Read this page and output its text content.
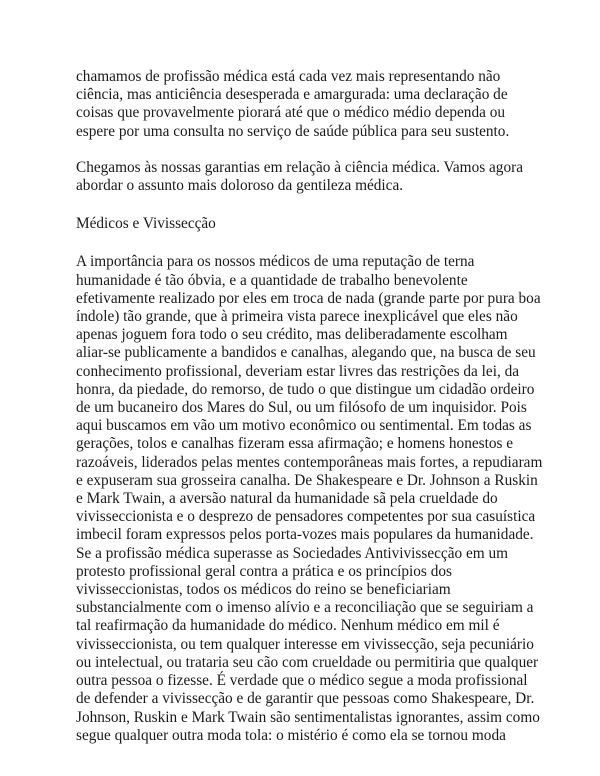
chamamos de profissão médica está cada vez mais representando não
ciência, mas anticiência desesperada e amargurada: uma declaração de
coisas que provavelmente piorará até que o médico médio dependa ou
espere por uma consulta no serviço de saúde pública para seu sustento.

Chegamos às nossas garantias em relação à ciência médica. Vamos agora
abordar o assunto mais doloroso da gentileza médica.

Médicos e Vivissecção

A importância para os nossos médicos de uma reputação de terna
humanidade é tão óbvia, e a quantidade de trabalho benevolente
efetivamente realizado por eles em troca de nada (grande parte por pura boa
índole) tão grande, que à primeira vista parece inexplicável que eles não
apenas joguem fora todo o seu crédito, mas deliberadamente escolham
aliar-se publicamente a bandidos e canalhas, alegando que, na busca de seu
conhecimento profissional, deveriam estar livres das restrições da lei, da
honra, da piedade, do remorso, de tudo o que distingue um cidadão ordeiro
de um bucaneiro dos Mares do Sul, ou um filósofo de um inquisidor. Pois
aqui buscamos em vão um motivo econômico ou sentimental. Em todas as
gerações, tolos e canalhas fizeram essa afirmação; e homens honestos e
razoáveis, liderados pelas mentes contemporâneas mais fortes, a repudiaram
e expuseram sua grosseira canalha. De Shakespeare e Dr. Johnson a Ruskin
e Mark Twain, a aversão natural da humanidade sã pela crueldade do
vivisseccionista e o desprezo de pensadores competentes por sua casuística
imbecil foram expressos pelos porta-vozes mais populares da humanidade.
Se a profissão médica superasse as Sociedades Antivivissecção em um
protesto profissional geral contra a prática e os princípios dos
vivisseccionistas, todos os médicos do reino se beneficiariam
substancialmente com o imenso alívio e a reconciliação que se seguiriam a
tal reafirmação da humanidade do médico. Nenhum médico em mil é
vivisseccionista, ou tem qualquer interesse em vivissecção, seja pecuniário
ou intelectual, ou trataria seu cão com crueldade ou permitiria que qualquer
outra pessoa o fizesse. É verdade que o médico segue a moda profissional
de defender a vivissecção e de garantir que pessoas como Shakespeare, Dr.
Johnson, Ruskin e Mark Twain são sentimentalistas ignorantes, assim como
segue qualquer outra moda tola: o mistério é como ela se tornou moda
